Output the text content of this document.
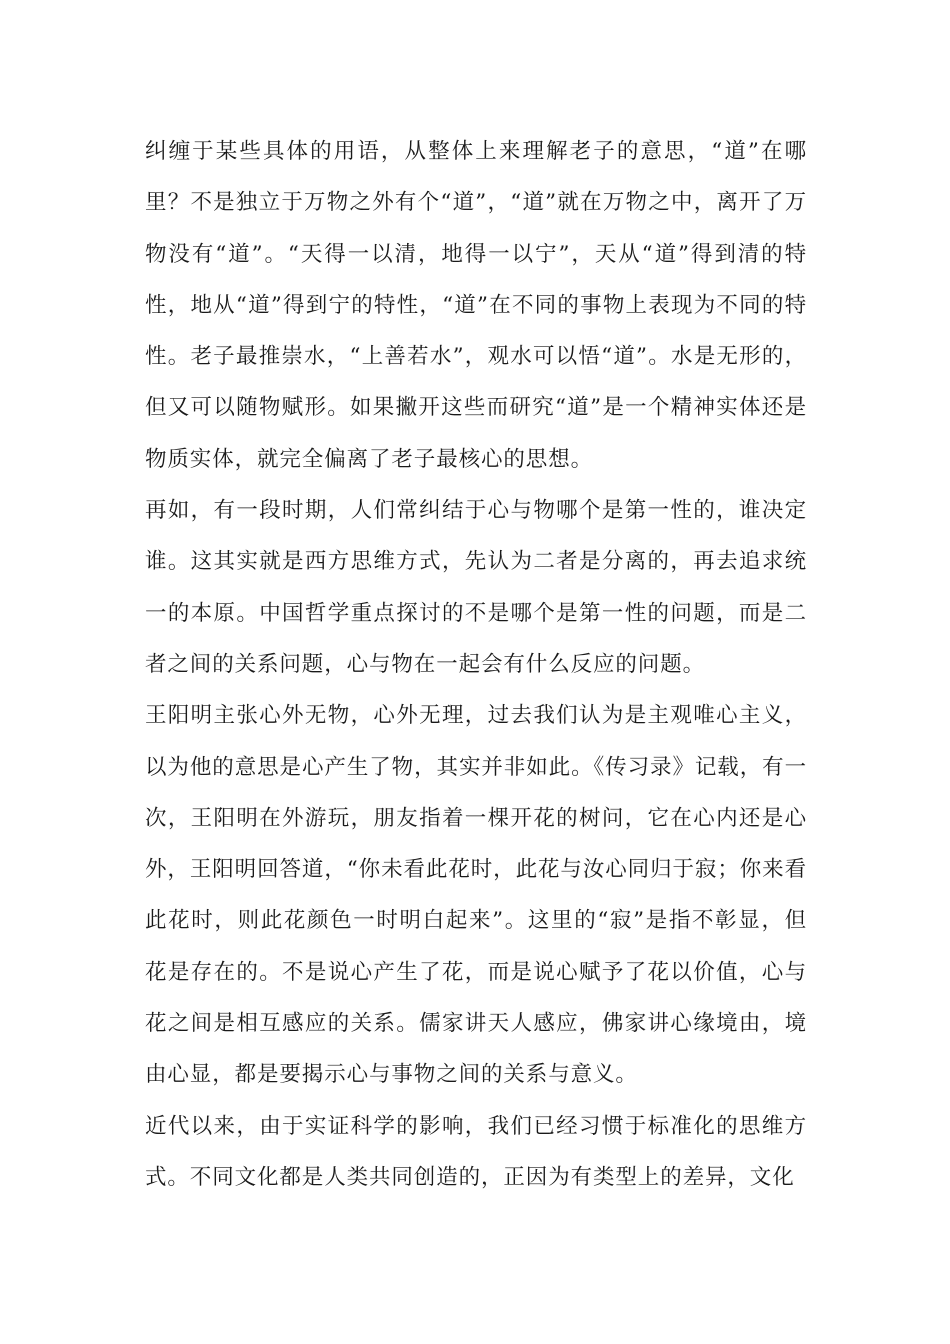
纠缠于某些具体的用语，从整体上来理解老子的意思，“道”在哪里？不是独立于万物之外有个“道”，“道”就在万物之中，离开了万物没有“道”。“天得一以清，地得一以宁”，天从“道”得到清的特性，地从“道”得到宁的特性，“道”在不同的事物上表现为不同的特性。老子最推崇水，“上善若水”，观水可以悟“道”。水是无形的，但又可以随物赋形。如果撇开这些而研究“道”是一个精神实体还是物质实体，就完全偏离了老子最核心的思想。

再如，有一段时期，人们常纠结于心与物哪个是第一性的，谁决定谁。这其实就是西方思维方式，先认为二者是分离的，再去追求统一的本原。中国哲学重点探讨的不是哪个是第一性的问题，而是二者之间的关系问题，心与物在一起会有什么反应的问题。

王阳明主张心外无物，心外无理，过去我们认为是主观唯心主义，以为他的意思是心产生了物，其实并非如此。《传习录》记载，有一次，王阳明在外游玩，朋友指着一棵开花的树问，它在心内还是心外，王阳明回答道，“你未看此花时，此花与汝心同归于寂；你来看此花时，则此花颜色一时明白起来”。这里的“寂”是指不彰显，但花是存在的。不是说心产生了花，而是说心赋予了花以价值，心与花之间是相互感应的关系。儒家讲天人感应，佛家讲心缘境由，境由心显，都是要揭示心与事物之间的关系与意义。

近代以来，由于实证科学的影响，我们已经习惯于标准化的思维方式。不同文化都是人类共同创造的，正因为有类型上的差异，文化
